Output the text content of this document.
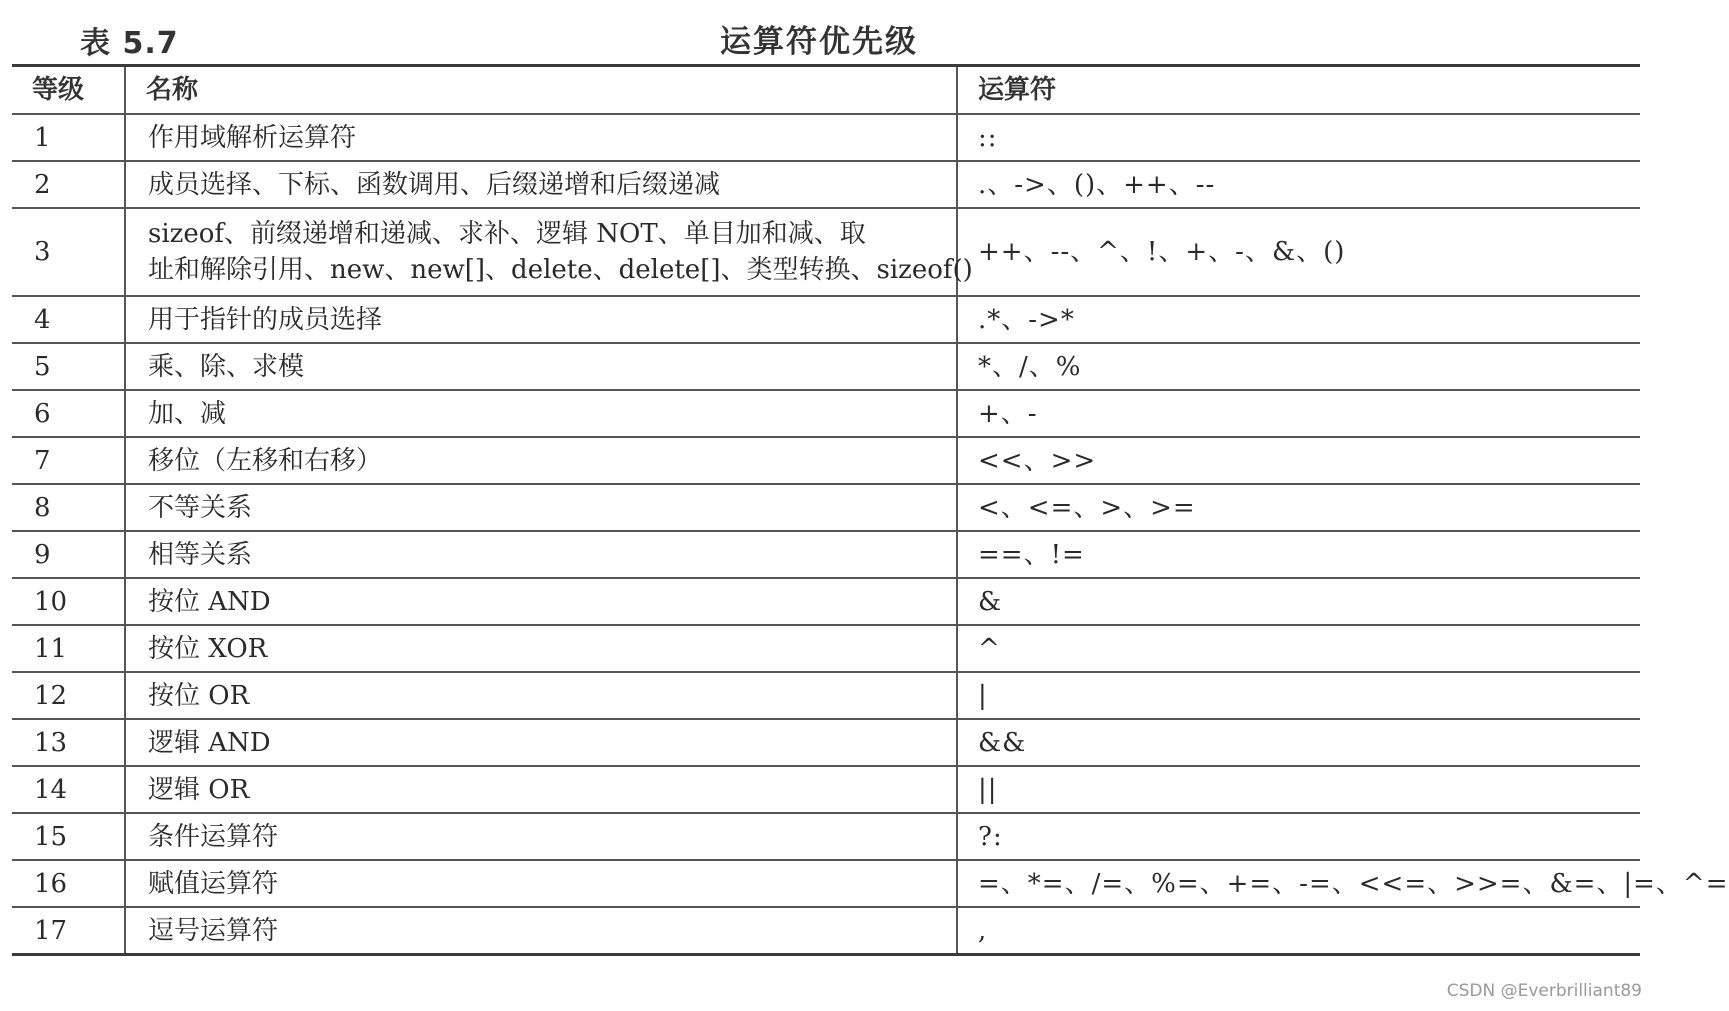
表 5.7	运算符优先级
等级	名称	运算符
1	作用域解析运算符	::
2	成员选择、下标、函数调用、后缀递增和后缀递减	.、->、()、++、--
3	sizeof、前缀递增和递减、求补、逻辑 NOT、单目加和减、取
址和解除引用、new、new[]、delete、delete[]、类型转换、sizeof()	++、--、^、!、+、-、&、()
4	用于指针的成员选择	.*、->*
5	乘、除、求模	*、/、%
6	加、减	+、-
7	移位（左移和右移）	<<、>>
8	不等关系	<、<=、>、>=
9	相等关系	==、!=
10	按位 AND	&
11	按位 XOR	^
12	按位 OR	|
13	逻辑 AND	&&
14	逻辑 OR	||
15	条件运算符	?:
16	赋值运算符	=、*=、/=、%=、+=、-=、<<=、>>=、&=、|=、^=
17	逗号运算符	,
CSDN @Everbrilliant89
